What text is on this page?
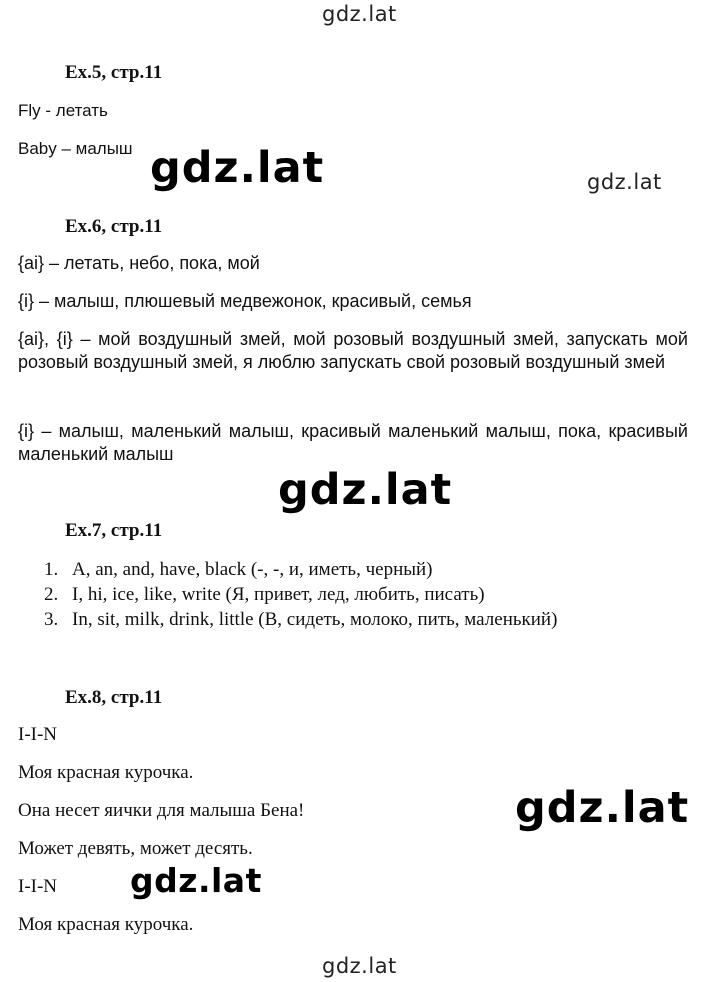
gdz.lat
gdz.lat	gdz.lat
gdz.lat
gdz.lat
gdz.lat
gdz.lat
Ex.5, стр.11
Fly - летать
Baby – малыш
Ex.6, стр.11
{ai} – летать, небо, пока, мой
{i} – малыш, плюшевый медвежонок, красивый, семья
{ai}, {i} – мой воздушный змей, мой розовый воздушный змей, запускать мой розовый воздушный змей, я люблю запускать свой розовый воздушный змей
{i} – малыш, маленький малыш, красивый маленький малыш, пока, красивый маленький малыш
Ex.7, стр.11
1. A, an, and, have, black (-, -, и, иметь, черный)
2. I, hi, ice, like, write (Я, привет, лед, любить, писать)
3. In, sit, milk, drink, little (В, сидеть, молоко, пить, маленький)
Ex.8, стр.11
I-I-N
Моя красная курочка.
Она несет яички для малыша Бена!
Может девять, может десять.
I-I-N
Моя красная курочка.
